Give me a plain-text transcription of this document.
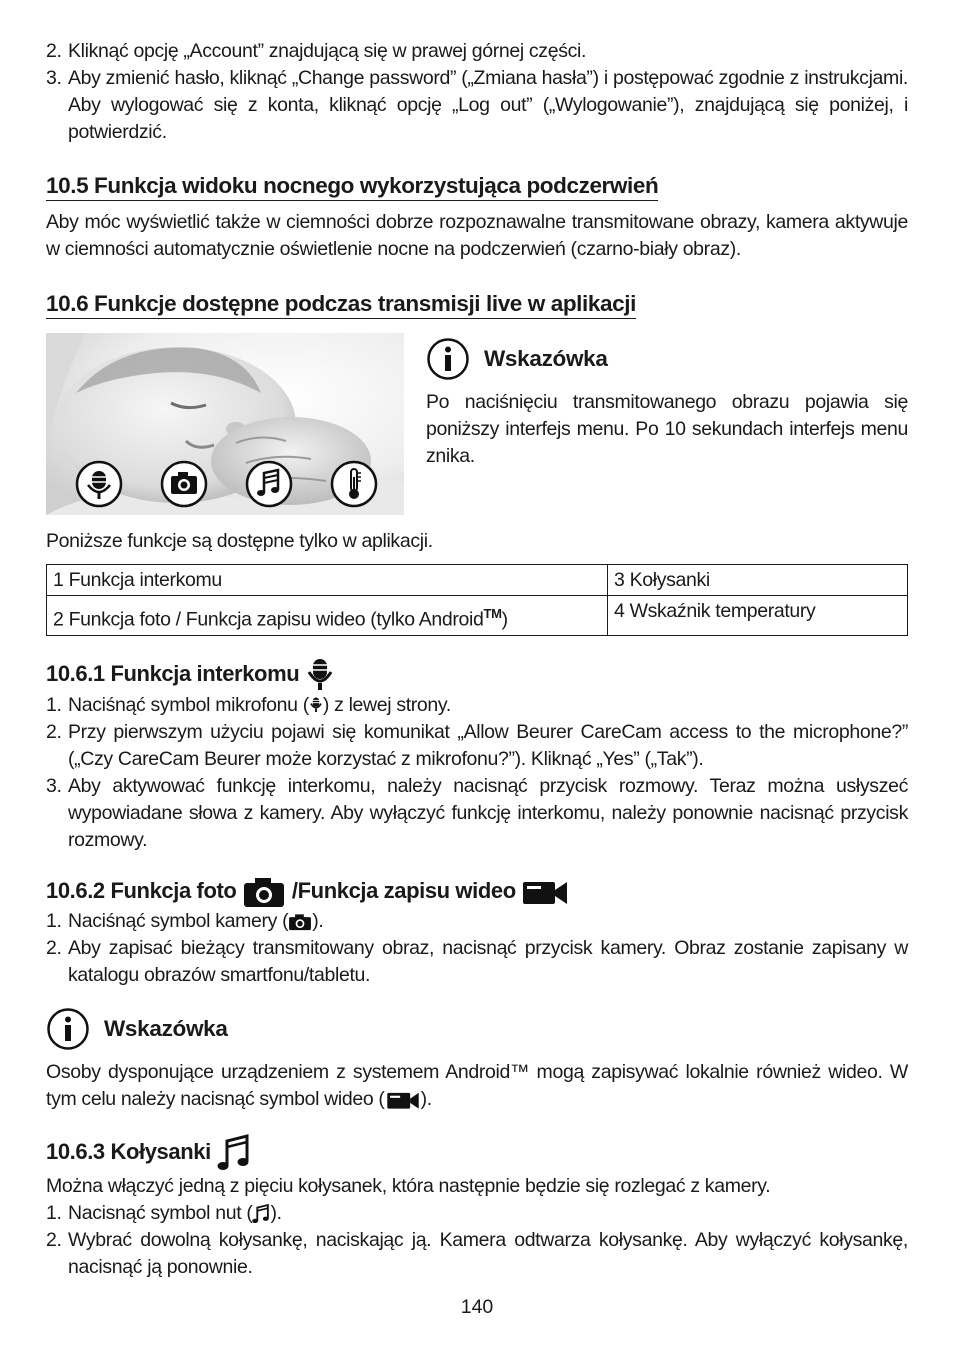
2. Kliknąć opcję „Account” znajdującą się w prawej górnej części.
3. Aby zmienić hasło, kliknąć „Change password” („Zmiana hasła”) i postępować zgodnie z instrukcjami. Aby wylogować się z konta, kliknąć opcję „Log out” („Wylogowanie”), znajdującą się poniżej, i potwierdzić.
10.5 Funkcja widoku nocnego wykorzystująca podczerwień

Aby móc wyświetlić także w ciemności dobrze rozpoznawalne transmitowane obrazy, kamera aktywuje w ciemności automatycznie oświetlenie nocne na podczerwień (czarno-biały obraz).

10.6 Funkcje dostępne podczas transmisji live w aplikacji
Wskazówka

Po naciśnięciu transmitowanego obrazu pojawia się poniższy interfejs menu. Po 10 sekundach interfejs menu znika.

Poniższe funkcje są dostępne tylko w aplikacji.

1 Funkcja interkomu	3 Kołysanki
2 Funkcja foto / Funkcja zapisu wideo (tylko Android™)	4 Wskaźnik temperatury
10.6.1 Funkcja interkomu
1. Naciśnąć symbol mikrofonu ( ) z lewej strony.
2. Przy pierwszym użyciu pojawi się komunikat „Allow Beurer CareCam access to the microphone?” („Czy CareCam Beurer może korzystać z mikrofonu?”). Kliknąć „Yes” („Tak”).
3. Aby aktywować funkcję interkomu, należy nacisnąć przycisk rozmowy. Teraz można usłyszeć wypowiadane słowa z kamery. Aby wyłączyć funkcję interkomu, należy ponownie nacisnąć przycisk rozmowy.
10.6.2 Funkcja foto	/Funkcja zapisu wideo
1. Naciśnąć symbol kamery ( ).
2. Aby zapisać bieżący transmitowany obraz, nacisnąć przycisk kamery. Obraz zostanie zapisany w katalogu obrazów smartfonu/tabletu.
Wskazówka

Osoby dysponujące urządzeniem z systemem Android™ mogą zapisywać lokalnie również wideo. W tym celu należy nacisnąć symbol wideo ( ).

10.6.3 Kołysanki

Można włączyć jedną z pięciu kołysanek, która następnie będzie się rozlegać z kamery.

1. Nacisnąć symbol nut ( ).
2. Wybrać dowolną kołysankę, naciskając ją. Kamera odtwarza kołysankę. Aby wyłączyć kołysankę, nacisnąć ją ponownie.
140
